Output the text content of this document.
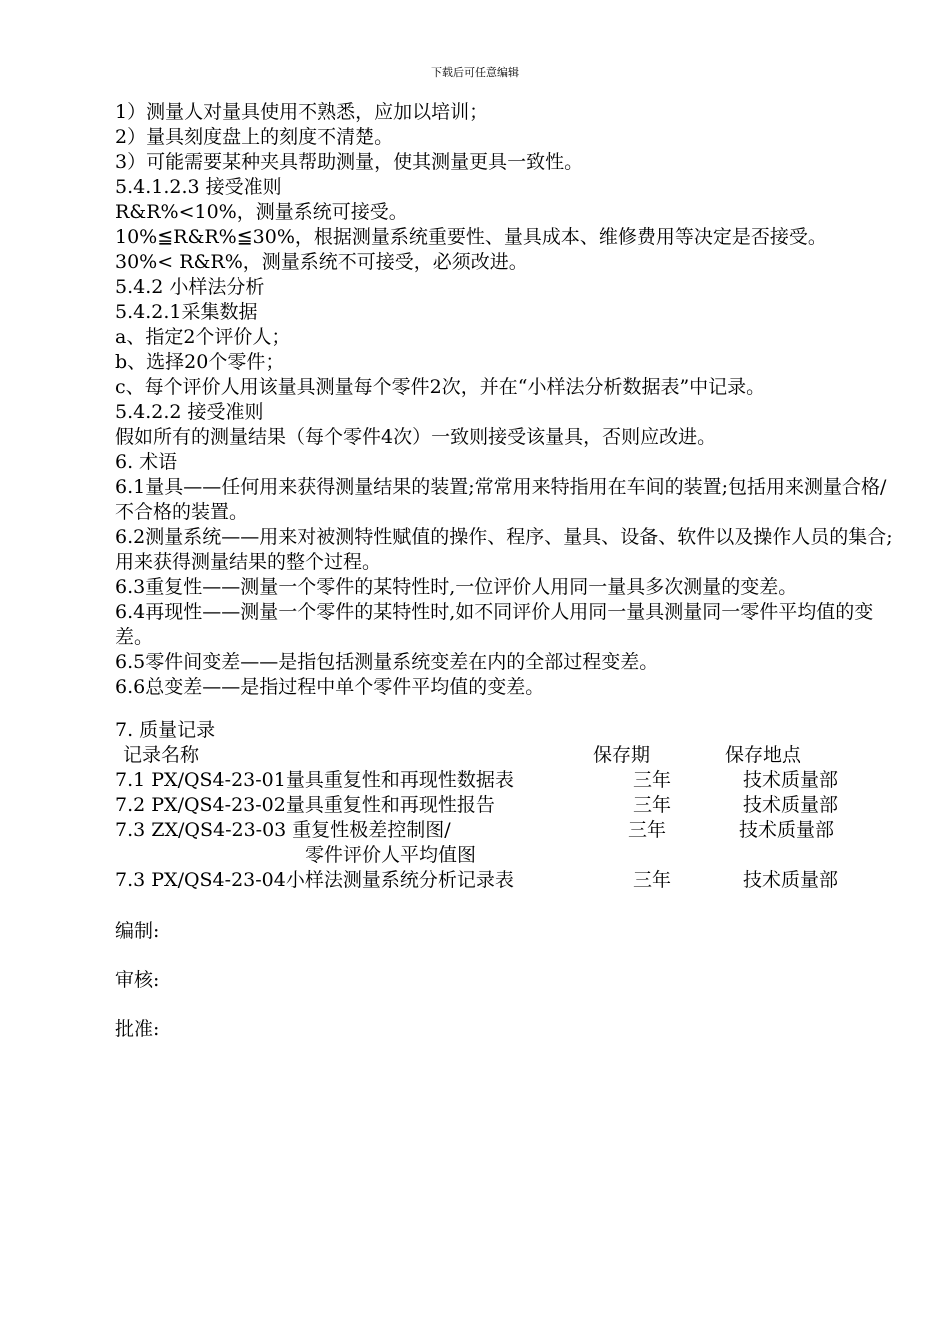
下载后可任意编辑
1）测量人对量具使用不熟悉，应加以培训；
2）量具刻度盘上的刻度不清楚。
3）可能需要某种夹具帮助测量，使其测量更具一致性。
5.4.1.2.3 接受准则
R&R%<10%，测量系统可接受。
10%≦R&R%≦30%，根据测量系统重要性、量具成本、维修费用等决定是否接受。
30%< R&R%，测量系统不可接受，必须改进。
5.4.2 小样法分析
5.4.2.1采集数据
a、指定2个评价人；
b、选择20个零件；
c、每个评价人用该量具测量每个零件2次，并在“小样法分析数据表”中记录。
5.4.2.2 接受准则
假如所有的测量结果（每个零件4次）一致则接受该量具，否则应改进。
6. 术语
6.1量具——任何用来获得测量结果的装置;常常用来特指用在车间的装置;包括用来测量合格/不合格的装置。
6.2测量系统——用来对被测特性赋值的操作、程序、量具、设备、软件以及操作人员的集合;用来获得测量结果的整个过程。
6.3重复性——测量一个零件的某特性时,一位评价人用同一量具多次测量的变差。
6.4再现性——测量一个零件的某特性时,如不同评价人用同一量具测量同一零件平均值的变差。
6.5零件间变差——是指包括测量系统变差在内的全部过程变差。
6.6总变差——是指过程中单个零件平均值的变差。
7. 质量记录
记录名称	保存期	保存地点
7.1 PX/QS4-23-01量具重复性和再现性数据表	三年	技术质量部
7.2 PX/QS4-23-02量具重复性和再现性报告	三年	技术质量部
7.3 ZX/QS4-23-03 重复性极差控制图/	三年	技术质量部
零件评价人平均值图
7.3 PX/QS4-23-04小样法测量系统分析记录表	三年	技术质量部
编制:
审核:
批准:
